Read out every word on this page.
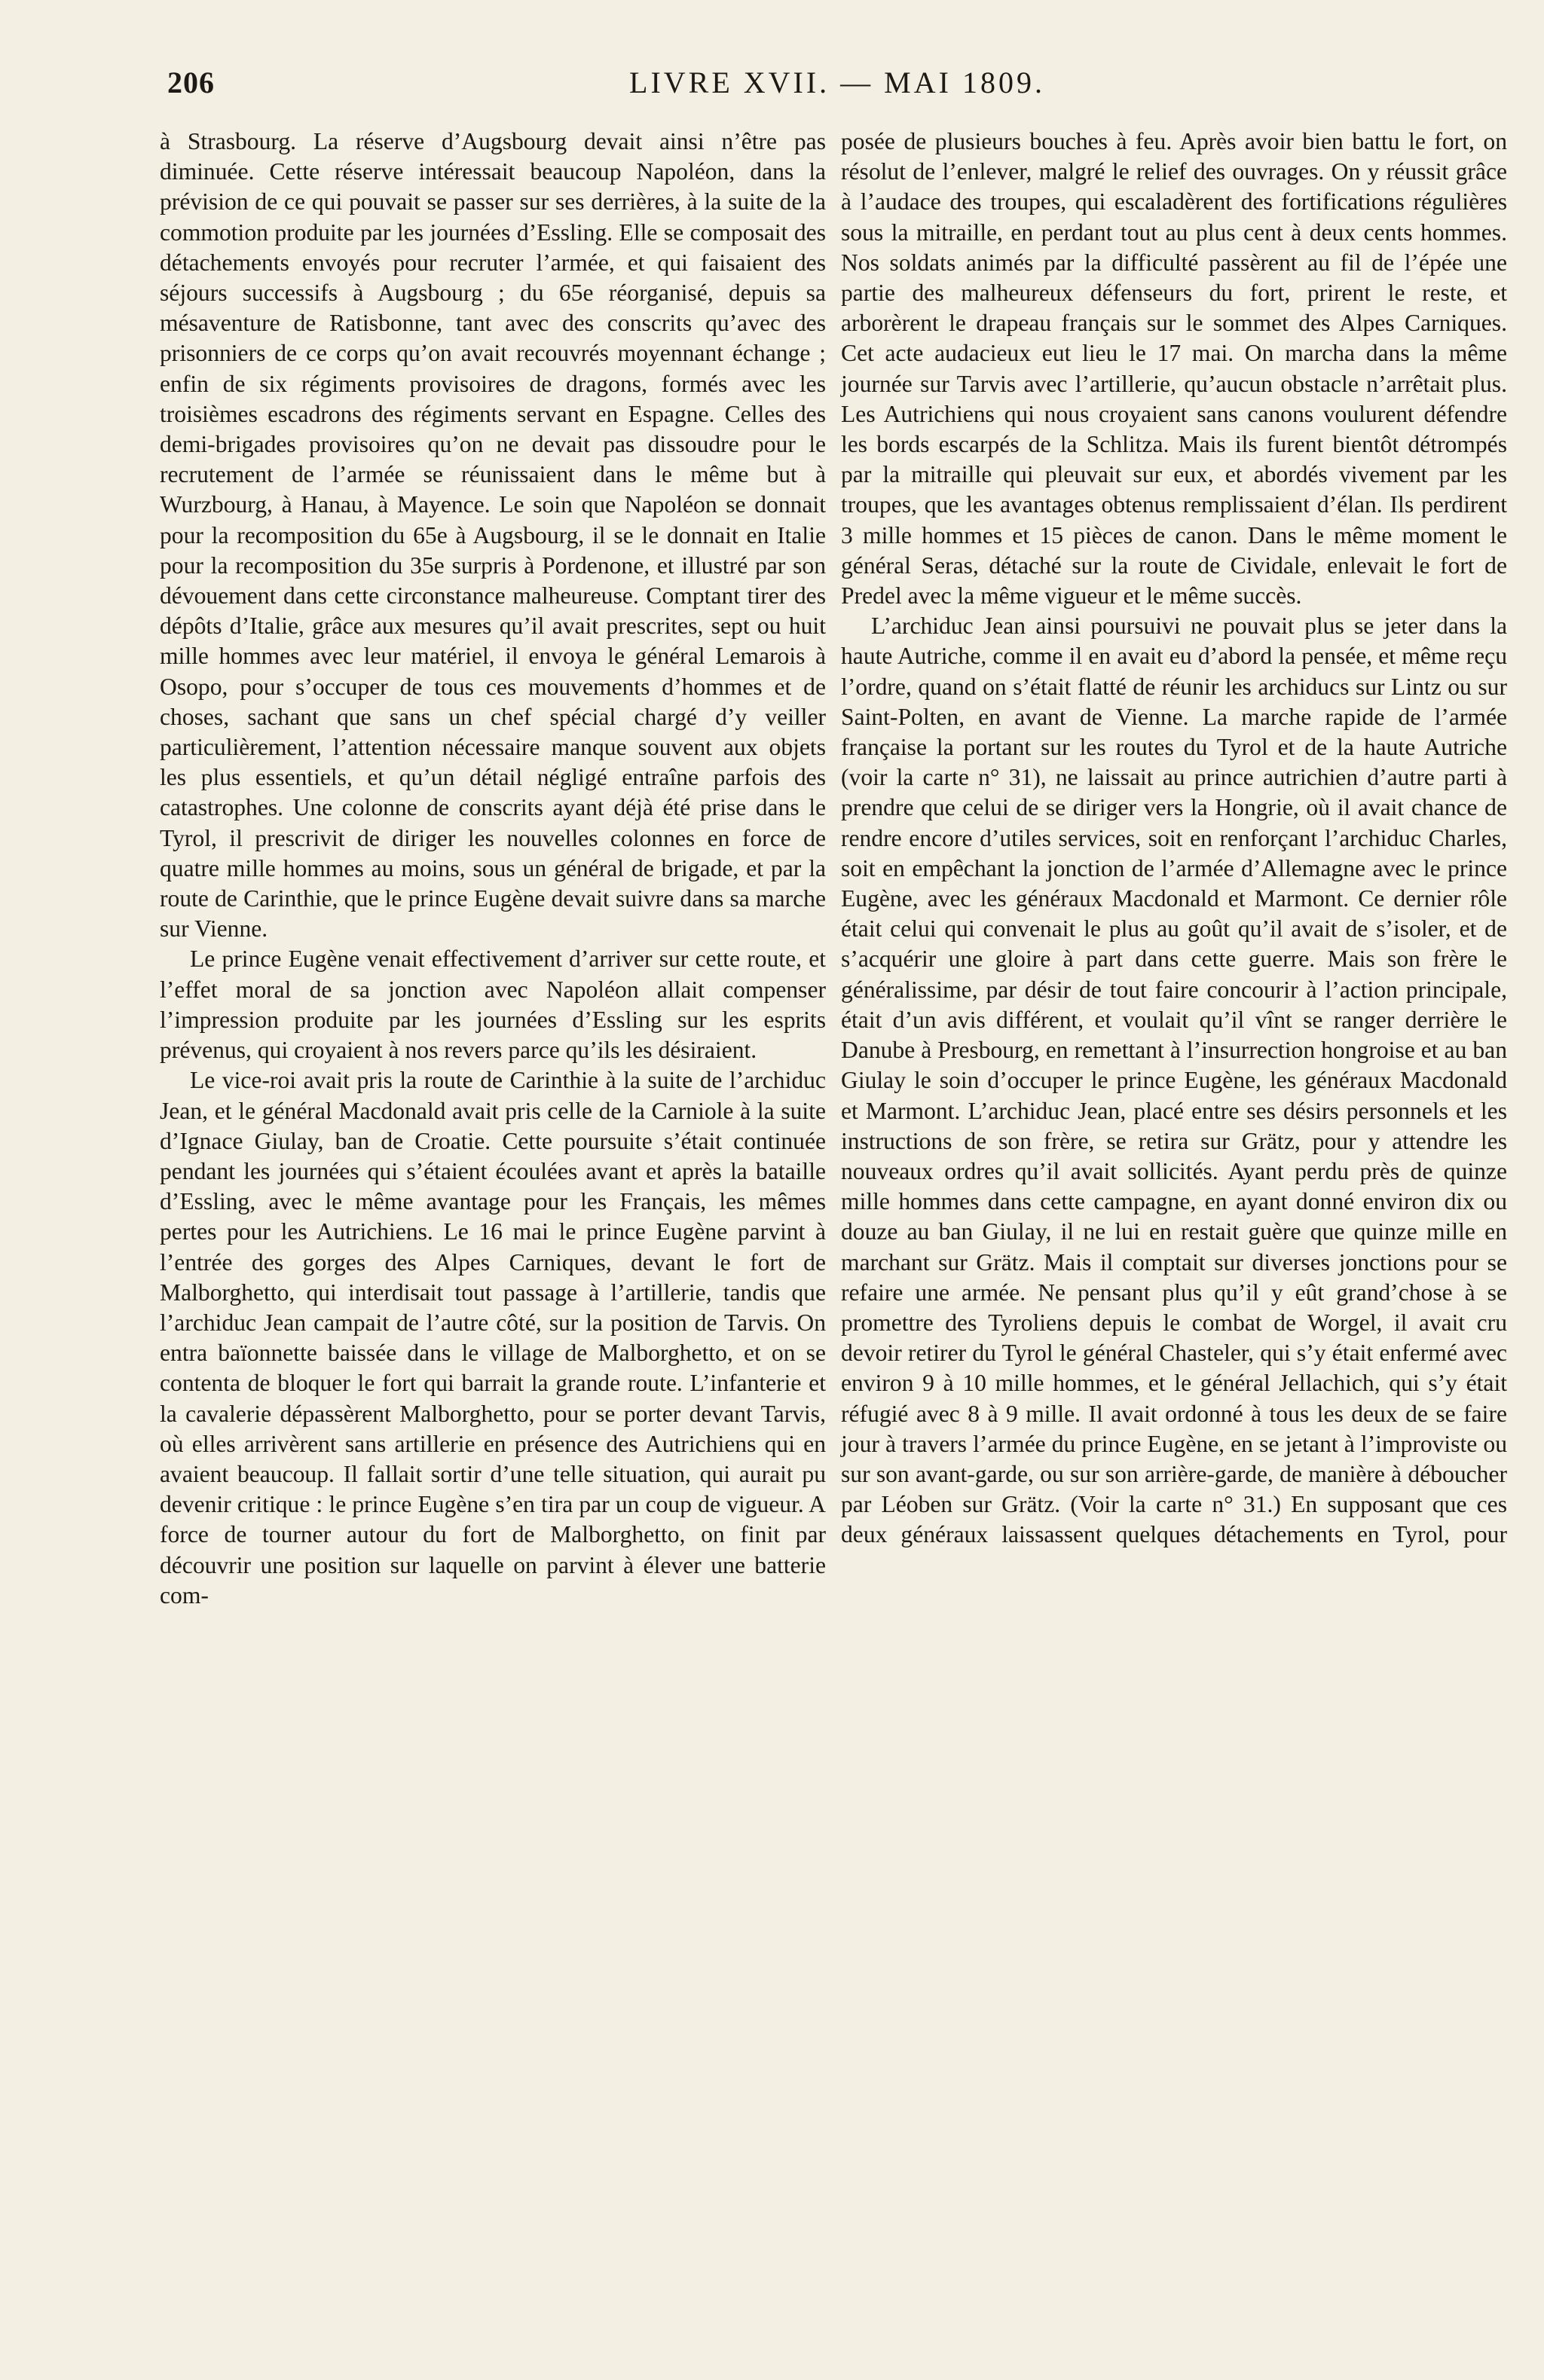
206	LIVRE XVII. — MAI 1809.

à Strasbourg. La réserve d’Augsbourg devait ainsi n’être pas diminuée. Cette réserve intéressait beaucoup Napoléon, dans la prévision de ce qui pouvait se passer sur ses derrières, à la suite de la commotion produite par les journées d’Essling. Elle se composait des détachements envoyés pour recruter l’armée, et qui faisaient des séjours successifs à Augsbourg ; du 65e réorganisé, depuis sa mésaventure de Ratisbonne, tant avec des conscrits qu’avec des prisonniers de ce corps qu’on avait recouvrés moyennant échange ; enfin de six régiments provisoires de dragons, formés avec les troisièmes escadrons des régiments servant en Espagne. Celles des demi-brigades provisoires qu’on ne devait pas dissoudre pour le recrutement de l’armée se réunissaient dans le même but à Wurzbourg, à Hanau, à Mayence. Le soin que Napoléon se donnait pour la recomposition du 65e à Augsbourg, il se le donnait en Italie pour la recomposition du 35e surpris à Pordenone, et illustré par son dévouement dans cette circonstance malheureuse. Comptant tirer des dépôts d’Italie, grâce aux mesures qu’il avait prescrites, sept ou huit mille hommes avec leur matériel, il envoya le général Lemarois à Osopo, pour s’occuper de tous ces mouvements d’hommes et de choses, sachant que sans un chef spécial chargé d’y veiller particulièrement, l’attention nécessaire manque souvent aux objets les plus essentiels, et qu’un détail négligé entraîne parfois des catastrophes. Une colonne de conscrits ayant déjà été prise dans le Tyrol, il prescrivit de diriger les nouvelles colonnes en force de quatre mille hommes au moins, sous un général de brigade, et par la route de Carinthie, que le prince Eugène devait suivre dans sa marche sur Vienne.

Le prince Eugène venait effectivement d’arriver sur cette route, et l’effet moral de sa jonction avec Napoléon allait compenser l’impression produite par les journées d’Essling sur les esprits prévenus, qui croyaient à nos revers parce qu’ils les désiraient.

Le vice-roi avait pris la route de Carinthie à la suite de l’archiduc Jean, et le général Macdonald avait pris celle de la Carniole à la suite d’Ignace Giulay, ban de Croatie. Cette poursuite s’était continuée pendant les journées qui s’étaient écoulées avant et après la bataille d’Essling, avec le même avantage pour les Français, les mêmes pertes pour les Autrichiens. Le 16 mai le prince Eugène parvint à l’entrée des gorges des Alpes Carniques, devant le fort de Malborghetto, qui interdisait tout passage à l’artillerie, tandis que l’archiduc Jean campait de l’autre côté, sur la position de Tarvis. On entra baïonnette baissée dans le village de Malborghetto, et on se contenta de bloquer le fort qui barrait la grande route. L’infanterie et la cavalerie dépassèrent Malborghetto, pour se porter devant Tarvis, où elles arrivèrent sans artillerie en présence des Autrichiens qui en avaient beaucoup. Il fallait sortir d’une telle situation, qui aurait pu devenir critique : le prince Eugène s’en tira par un coup de vigueur. A force de tourner autour du fort de Malborghetto, on finit par découvrir une position sur laquelle on parvint à élever une batterie com-

posée de plusieurs bouches à feu. Après avoir bien battu le fort, on résolut de l’enlever, malgré le relief des ouvrages. On y réussit grâce à l’audace des troupes, qui escaladèrent des fortifications régulières sous la mitraille, en perdant tout au plus cent à deux cents hommes. Nos soldats animés par la difficulté passèrent au fil de l’épée une partie des malheureux défenseurs du fort, prirent le reste, et arborèrent le drapeau français sur le sommet des Alpes Carniques. Cet acte audacieux eut lieu le 17 mai. On marcha dans la même journée sur Tarvis avec l’artillerie, qu’aucun obstacle n’arrêtait plus. Les Autrichiens qui nous croyaient sans canons voulurent défendre les bords escarpés de la Schlitza. Mais ils furent bientôt détrompés par la mitraille qui pleuvait sur eux, et abordés vivement par les troupes, que les avantages obtenus remplissaient d’élan. Ils perdirent 3 mille hommes et 15 pièces de canon. Dans le même moment le général Seras, détaché sur la route de Cividale, enlevait le fort de Predel avec la même vigueur et le même succès.

L’archiduc Jean ainsi poursuivi ne pouvait plus se jeter dans la haute Autriche, comme il en avait eu d’abord la pensée, et même reçu l’ordre, quand on s’était flatté de réunir les archiducs sur Lintz ou sur Saint-Polten, en avant de Vienne. La marche rapide de l’armée française la portant sur les routes du Tyrol et de la haute Autriche (voir la carte n° 31), ne laissait au prince autrichien d’autre parti à prendre que celui de se diriger vers la Hongrie, où il avait chance de rendre encore d’utiles services, soit en renforçant l’archiduc Charles, soit en empêchant la jonction de l’armée d’Allemagne avec le prince Eugène, avec les généraux Macdonald et Marmont. Ce dernier rôle était celui qui convenait le plus au goût qu’il avait de s’isoler, et de s’acquérir une gloire à part dans cette guerre. Mais son frère le généralissime, par désir de tout faire concourir à l’action principale, était d’un avis différent, et voulait qu’il vînt se ranger derrière le Danube à Presbourg, en remettant à l’insurrection hongroise et au ban Giulay le soin d’occuper le prince Eugène, les généraux Macdonald et Marmont. L’archiduc Jean, placé entre ses désirs personnels et les instructions de son frère, se retira sur Grätz, pour y attendre les nouveaux ordres qu’il avait sollicités. Ayant perdu près de quinze mille hommes dans cette campagne, en ayant donné environ dix ou douze au ban Giulay, il ne lui en restait guère que quinze mille en marchant sur Grätz. Mais il comptait sur diverses jonctions pour se refaire une armée. Ne pensant plus qu’il y eût grand’chose à se promettre des Tyroliens depuis le combat de Worgel, il avait cru devoir retirer du Tyrol le général Chasteler, qui s’y était enfermé avec environ 9 à 10 mille hommes, et le général Jellachich, qui s’y était réfugié avec 8 à 9 mille. Il avait ordonné à tous les deux de se faire jour à travers l’armée du prince Eugène, en se jetant à l’improviste ou sur son avant-garde, ou sur son arrière-garde, de manière à déboucher par Léoben sur Grätz. (Voir la carte n° 31.) En supposant que ces deux généraux laissassent quelques détachements en Tyrol, pour
